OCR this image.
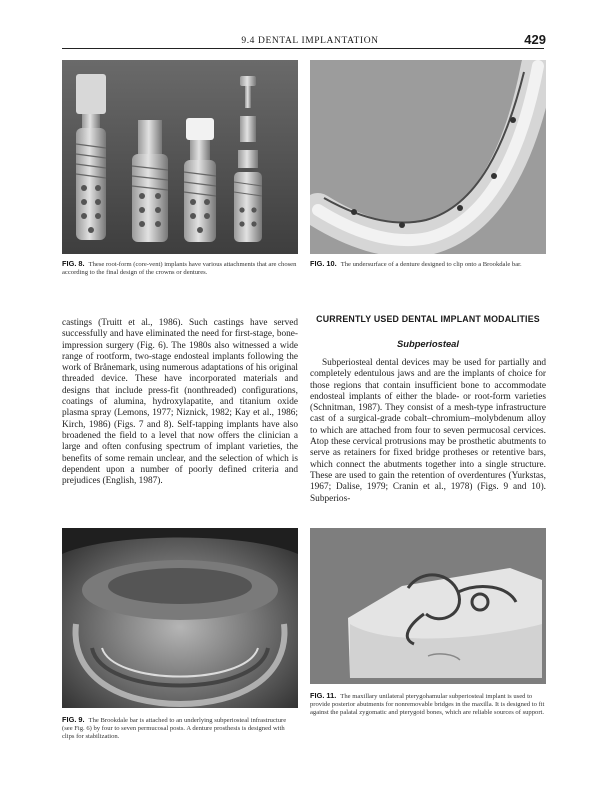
9.4 DENTAL IMPLANTATION	429
FIG. 8. These root-form (core-vent) implants have various attachments that are chosen according to the final design of the crowns or dentures.
FIG. 10. The undersurface of a denture designed to clip onto a Brookdale bar.

castings (Truitt et al., 1986). Such castings have served successfully and have eliminated the need for first-stage, bone-impression surgery (Fig. 6). The 1980s also witnessed a wide range of rootform, two-stage endosteal implants following the work of Brånemark, using numerous adaptations of his original threaded device. These have incorporated materials and designs that include press-fit (nonthreaded) configurations, coatings of alumina, hydroxylapatite, and titanium oxide plasma spray (Lemons, 1977; Niznick, 1982; Kay et al., 1986; Kirch, 1986) (Figs. 7 and 8). Self-tapping implants have also broadened the field to a level that now offers the clinician a large and often confusing spectrum of implant varieties, the benefits of some remain unclear, and the selection of which is dependent upon a number of poorly defined criteria and prejudices (English, 1987).

CURRENTLY USED DENTAL IMPLANT MODALITIES
Subperiosteal

Subperiosteal dental devices may be used for partially and completely edentulous jaws and are the implants of choice for those regions that contain insufficient bone to accommodate endosteal implants of either the blade- or root-form varieties (Schnitman, 1987). They consist of a mesh-type infrastructure cast of a surgical-grade cobalt–chromium–molybdenum alloy to which are attached from four to seven permucosal cervices. Atop these cervical protrusions may be prosthetic abutments to serve as retainers for fixed bridge protheses or retentive bars, which connect the abutments together into a single structure. These are used to gain the retention of overdentures (Yurkstas, 1967; Dalise, 1979; Cranin et al., 1978) (Figs. 9 and 10). Subperios-

FIG. 9. The Brookdale bar is attached to an underlying subperiosteal infrastructure (see Fig. 6) by four to seven permucosal posts. A denture prosthesis is designed with clips for stabilization.
FIG. 11. The maxillary unilateral pterygohamular subperiosteal implant is used to provide posterior abutments for nonremovable bridges in the maxilla. It is designed to fit against the palatal zygomatic and pterygoid bones, which are reliable sources of support.
